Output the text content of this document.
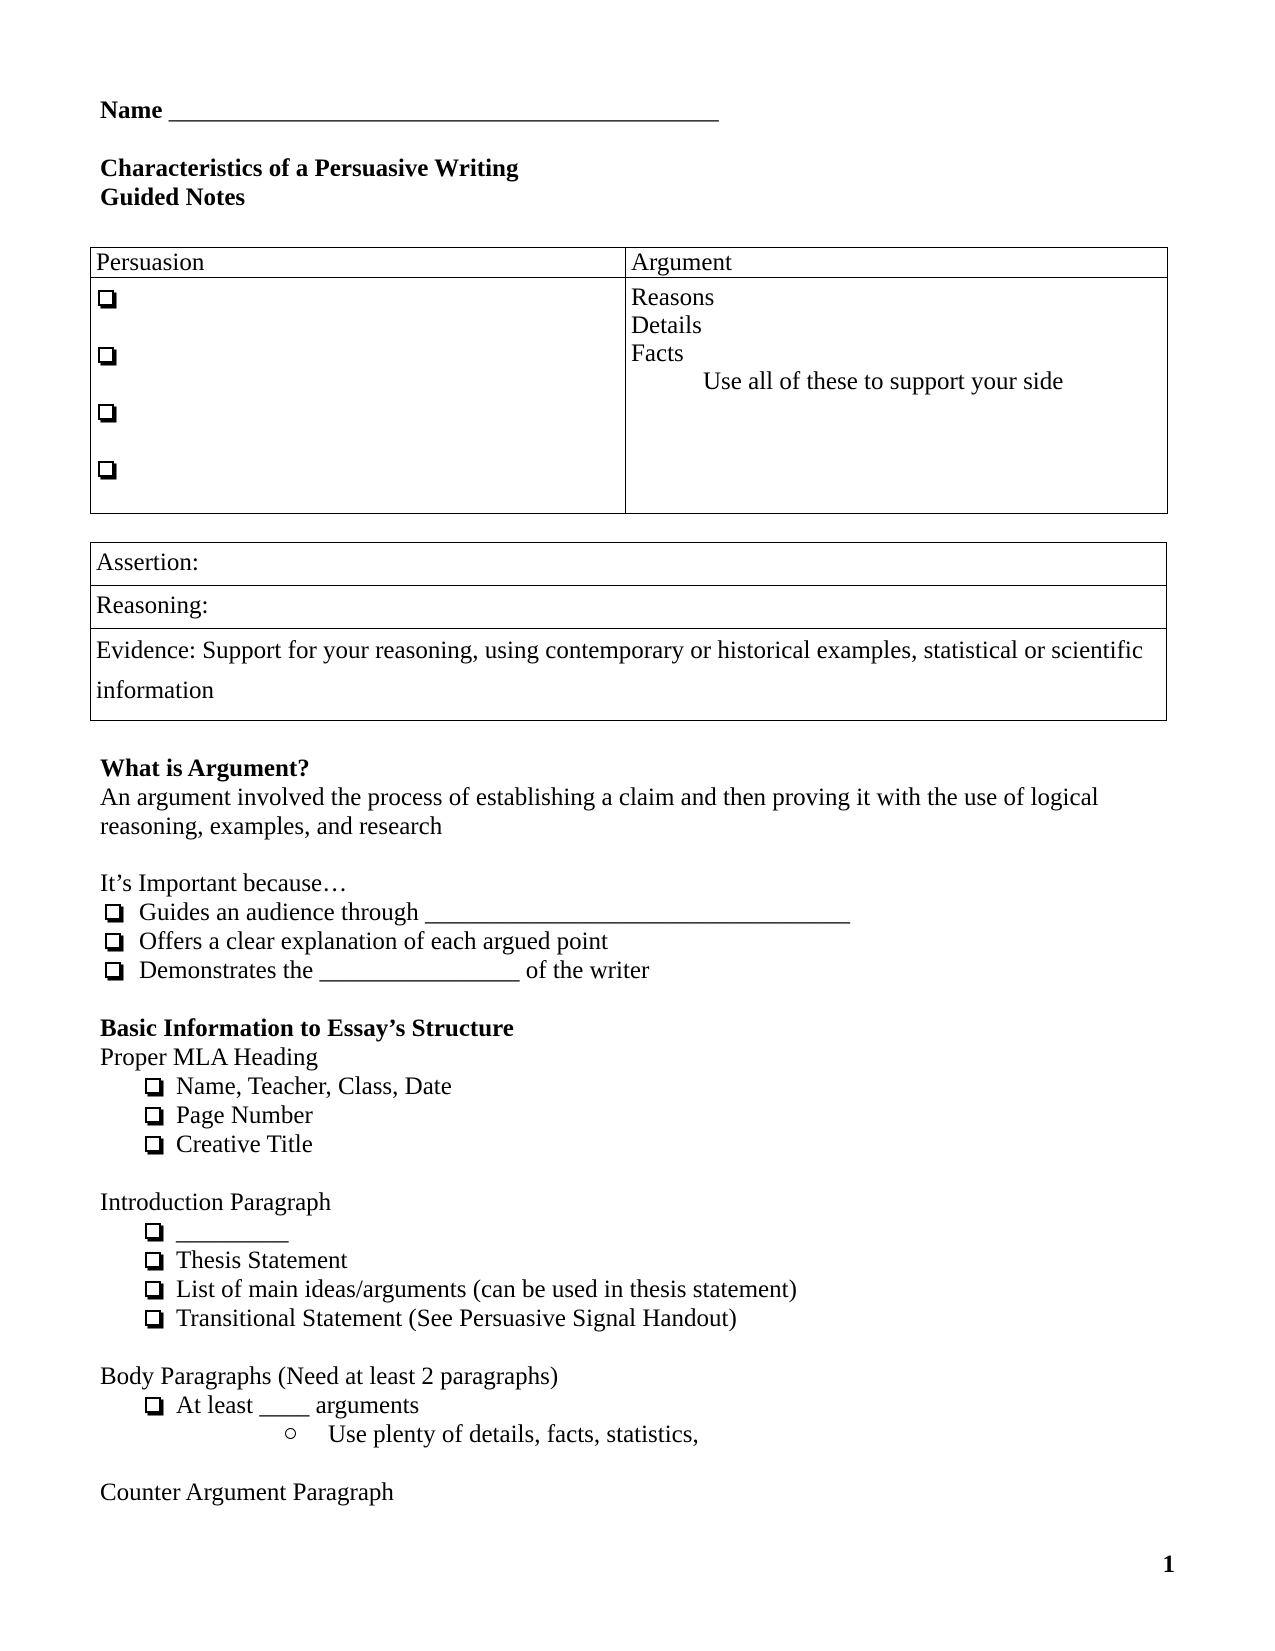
Name ____________________________________________
Characteristics of a Persuasive Writing
Guided Notes
Persuasion	Argument

	Reasons
Details
Facts
Use all of these to support your side
Assertion:
Reasoning:
Evidence: Support for your reasoning, using contemporary or historical examples, statistical or scientific information
What is Argument?
An argument involved the process of establishing a claim and then proving it with the use of logical reasoning, examples, and research
It’s Important because…
Guides an audience through __________________________________
Offers a clear explanation of each argued point
Demonstrates the ________________ of the writer
Basic Information to Essay’s Structure
Proper MLA Heading
Name, Teacher, Class, Date
Page Number
Creative Title
Introduction Paragraph
_________
Thesis Statement
List of main ideas/arguments (can be used in thesis statement)
Transitional Statement (See Persuasive Signal Handout)
Body Paragraphs (Need at least 2 paragraphs)
At least ____ arguments
Use plenty of details, facts, statistics,
Counter Argument Paragraph
1
